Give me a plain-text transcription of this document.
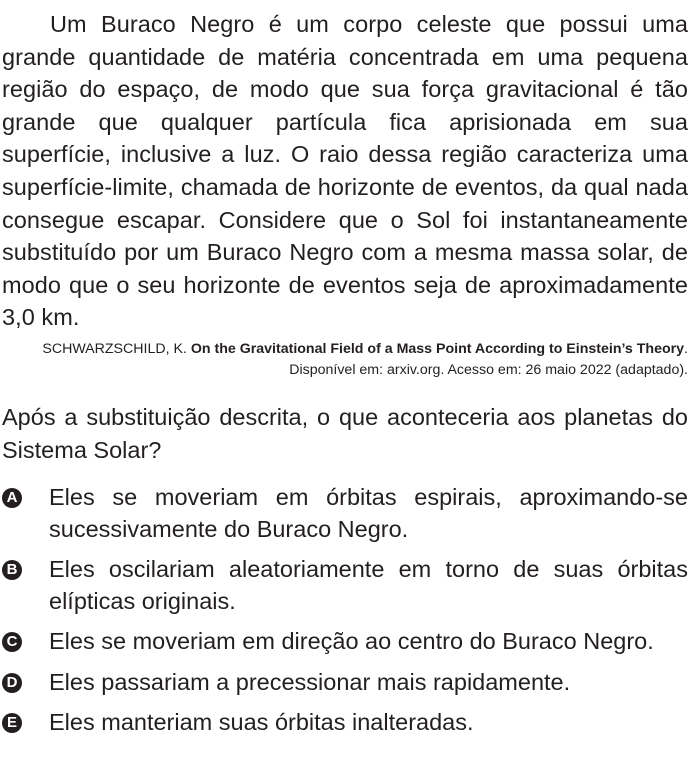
Um Buraco Negro é um corpo celeste que possui uma grande quantidade de matéria concentrada em uma pequena região do espaço, de modo que sua força gravitacional é tão grande que qualquer partícula fica aprisionada em sua superfície, inclusive a luz. O raio dessa região caracteriza uma superfície-limite, chamada de horizonte de eventos, da qual nada consegue escapar. Considere que o Sol foi instantaneamente substituído por um Buraco Negro com a mesma massa solar, de modo que o seu horizonte de eventos seja de aproximadamente 3,0 km.

SCHWARZSCHILD, K. On the Gravitational Field of a Mass Point According to Einstein’s Theory. Disponível em: arxiv.org. Acesso em: 26 maio 2022 (adaptado).

Após a substituição descrita, o que aconteceria aos planetas do Sistema Solar?

A Eles se moveriam em órbitas espirais, aproximando-se sucessivamente do Buraco Negro.
B Eles oscilariam aleatoriamente em torno de suas órbitas elípticas originais.
C Eles se moveriam em direção ao centro do Buraco Negro.
D Eles passariam a precessionar mais rapidamente.
E Eles manteriam suas órbitas inalteradas.
